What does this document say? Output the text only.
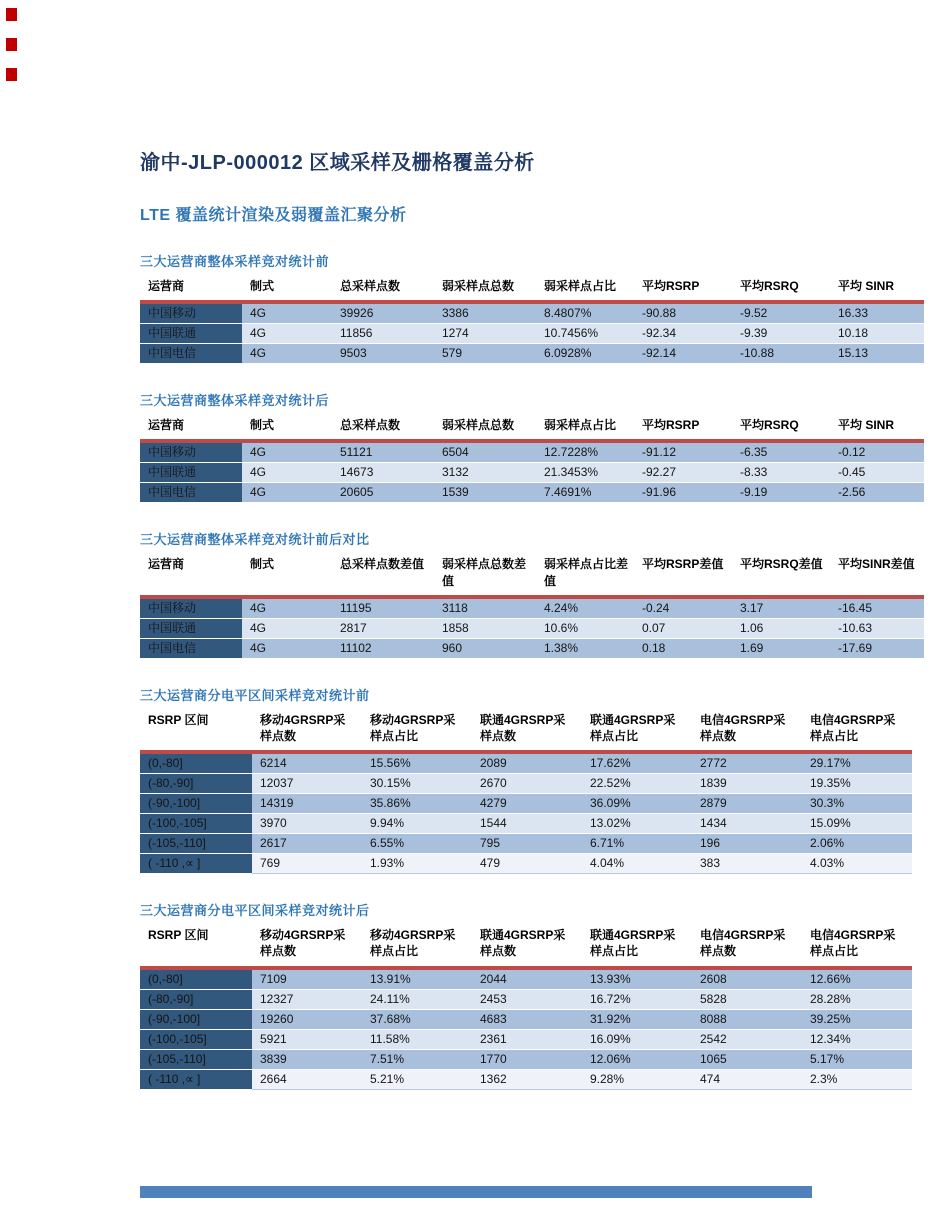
渝中-JLP-000012 区域采样及栅格覆盖分析
LTE 覆盖统计渲染及弱覆盖汇聚分析
三大运营商整体采样竞对统计前
运营商	制式	总采样点数	弱采样点总数	弱采样点占比	平均RSRP	平均RSRQ	平均 SINR
中国移动	4G	39926	3386	8.4807%	-90.88	-9.52	16.33
中国联通	4G	11856	1274	10.7456%	-92.34	-9.39	10.18
中国电信	4G	9503	579	6.0928%	-92.14	-10.88	15.13
三大运营商整体采样竞对统计后
运营商	制式	总采样点数	弱采样点总数	弱采样点占比	平均RSRP	平均RSRQ	平均 SINR
中国移动	4G	51121	6504	12.7228%	-91.12	-6.35	-0.12
中国联通	4G	14673	3132	21.3453%	-92.27	-8.33	-0.45
中国电信	4G	20605	1539	7.4691%	-91.96	-9.19	-2.56
三大运营商整体采样竞对统计前后对比
运营商	制式	总采样点数差值	弱采样点总数差值	弱采样点占比差值	平均RSRP差值	平均RSRQ差值	平均SINR差值
中国移动	4G	11195	3118	4.24%	-0.24	3.17	-16.45
中国联通	4G	2817	1858	10.6%	0.07	1.06	-10.63
中国电信	4G	11102	960	1.38%	0.18	1.69	-17.69
三大运营商分电平区间采样竞对统计前
RSRP 区间	移动4GRSRP采样点数	移动4GRSRP采样点占比	联通4GRSRP采样点数	联通4GRSRP采样点占比	电信4GRSRP采样点数	电信4GRSRP采样点占比
(0,-80]	6214	15.56%	2089	17.62%	2772	29.17%
(-80,-90]	12037	30.15%	2670	22.52%	1839	19.35%
(-90,-100]	14319	35.86%	4279	36.09%	2879	30.3%
(-100,-105]	3970	9.94%	1544	13.02%	1434	15.09%
(-105,-110]	2617	6.55%	795	6.71%	196	2.06%
( -110 ,∝ ]	769	1.93%	479	4.04%	383	4.03%
三大运营商分电平区间采样竞对统计后
RSRP 区间	移动4GRSRP采样点数	移动4GRSRP采样点占比	联通4GRSRP采样点数	联通4GRSRP采样点占比	电信4GRSRP采样点数	电信4GRSRP采样点占比
(0,-80]	7109	13.91%	2044	13.93%	2608	12.66%
(-80,-90]	12327	24.11%	2453	16.72%	5828	28.28%
(-90,-100]	19260	37.68%	4683	31.92%	8088	39.25%
(-100,-105]	5921	11.58%	2361	16.09%	2542	12.34%
(-105,-110]	3839	7.51%	1770	12.06%	1065	5.17%
( -110 ,∝ ]	2664	5.21%	1362	9.28%	474	2.3%
